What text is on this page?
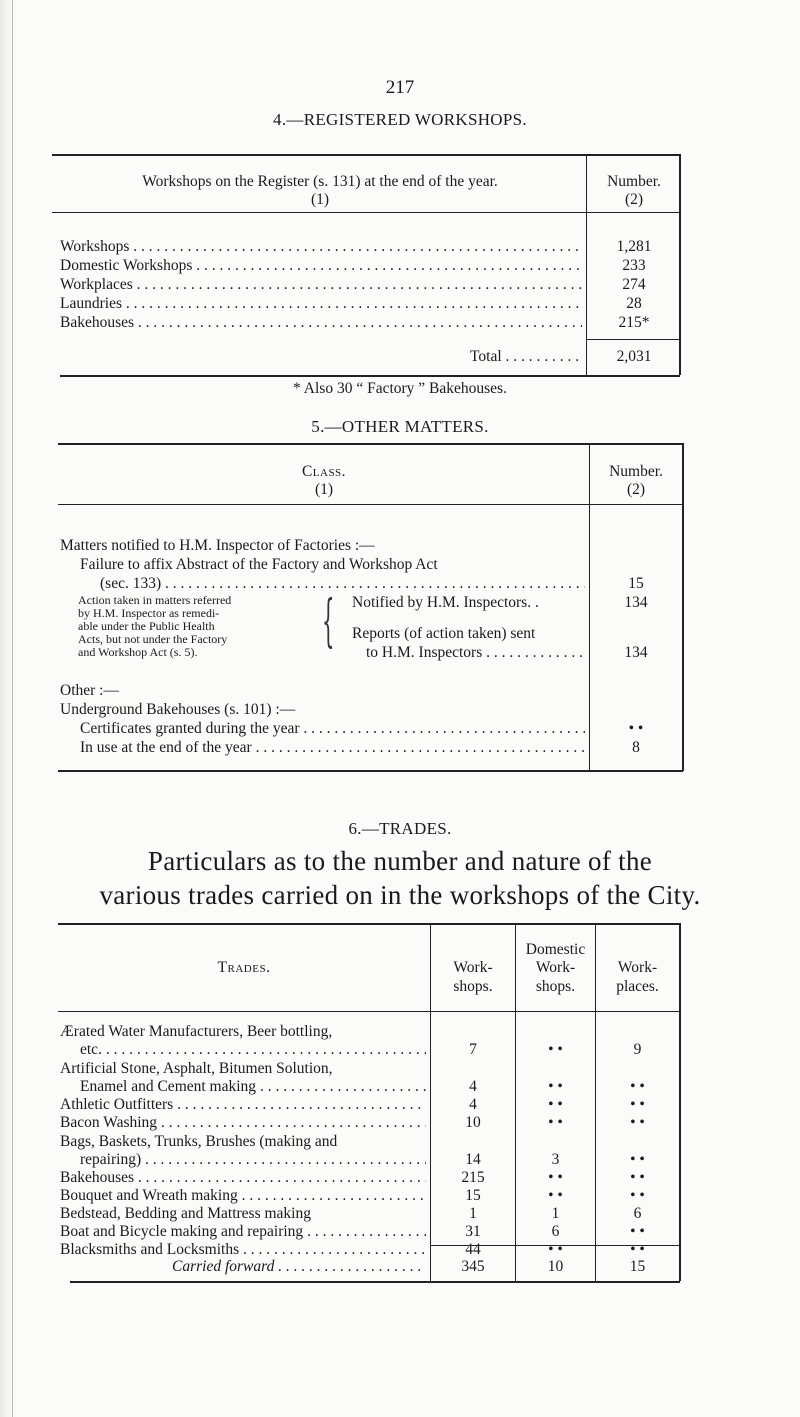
217
4.—REGISTERED WORKSHOPS.
Workshops on the Register (s. 131) at the end of the year.
(1)
Number.
(2)
Workshops . . .	1,281
Domestic Workshops . . .	233
Workplaces . . .	274
Laundries . . .	28
Bakehouses . . .	215*
Total . . .	2,031
* Also 30 “ Factory ” Bakehouses.
5.—OTHER MATTERS.
Class.
(1)
Number.
(2)
Matters notified to H.M. Inspector of Factories :—
Failure to affix Abstract of the Factory and Workshop Act
(sec. 133) . . .	15
Action taken in matters referred
by H.M. Inspector as remedi-
able under the Public Health
Acts, but not under the Factory
and Workshop Act (s. 5). { Notified by H.M. Inspectors. .	134
Reports (of action taken) sent
to H.M. Inspectors . . .	134
Other :—
Underground Bakehouses (s. 101) :—
Certificates granted during the year . . .	• •
In use at the end of the year . . .	8
6.—TRADES.
Particulars as to the number and nature of the
various trades carried on in the workshops of the City.
Trades.	Work-
shops.
Domestic
Work-
shops.
Work-
places.
Ærated Water Manufacturers, Beer bottling,
etc. . . .	7	• •	9
Artificial Stone, Asphalt, Bitumen Solution,
Enamel and Cement making . . .	4	• •	• •
Athletic Outfitters . . .	4	• •	• •
Bacon Washing . . .	10	• •	• •
Bags, Baskets, Trunks, Brushes (making and
repairing) . . .	14	3	• •
Bakehouses . . .	215	• •	• •
Bouquet and Wreath making . . .	15	• •	• •
Bedstead, Bedding and Mattress making	1	1	6
Boat and Bicycle making and repairing . . .	31	6	• •
Blacksmiths and Locksmiths . . .	44	• •	• •
Carried forward . . .	345	10	15
